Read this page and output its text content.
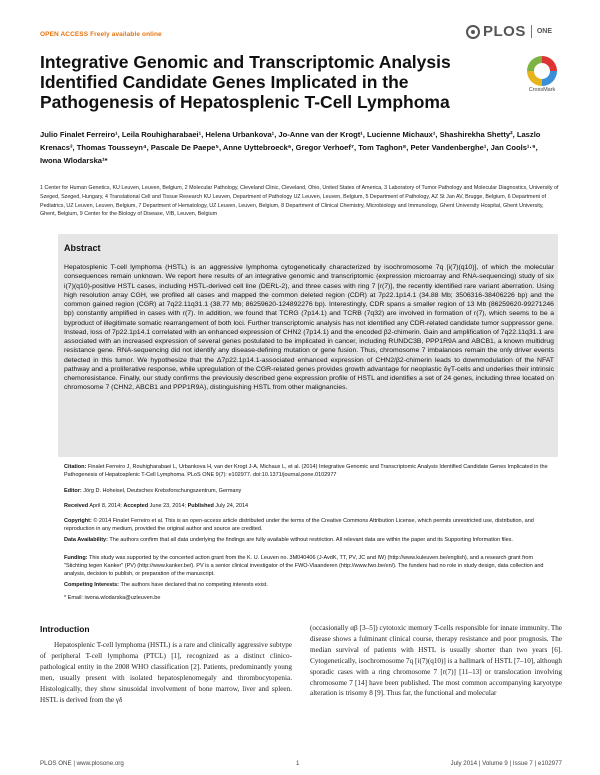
OPEN ACCESS Freely available online	PLOS ONE
CrossMark
Integrative Genomic and Transcriptomic Analysis Identified Candidate Genes Implicated in the Pathogenesis of Hepatosplenic T-Cell Lymphoma
Julio Finalet Ferreiro¹, Leila Rouhigharabaei¹, Helena Urbankova¹, Jo-Anne van der Krogt¹, Lucienne Michaux¹, Shashirekha Shetty², Laszlo Krenacs³, Thomas Tousseyn⁴, Pascale De Paepe⁵, Anne Uyttebroeck⁶, Gregor Verhoef⁷, Tom Taghon⁸, Peter Vandenberghe¹, Jan Cools¹·⁹, Iwona Wlodarska¹*
1 Center for Human Genetics, KU Leuven, Leuven, Belgium, 2 Molecular Pathology, Cleveland Clinic, Cleveland, Ohio, United States of America, 3 Laboratory of Tumor Pathology and Molecular Diagnostics, University of Szeged, Szeged, Hungary, 4 Translational Cell and Tissue Research KU Leuven, Department of Pathology UZ Leuven, Leuven, Belgium, 5 Department of Pathology, AZ St Jan AV, Brugge, Belgium, 6 Department of Pediatrics, UZ Leuven, Leuven, Belgium, 7 Department of Hematology, UZ Leuven, Leuven, Belgium, 8 Department of Clinical Chemistry, Microbiology and Immunology, Ghent University Hospital, Ghent University, Ghent, Belgium, 9 Center for the Biology of Disease, VIB, Leuven, Belgium
Abstract
Hepatosplenic T-cell lymphoma (HSTL) is an aggressive lymphoma cytogenetically characterized by isochromosome 7q [i(7)(q10)], of which the molecular consequences remain unknown. We report here results of an integrative genomic and transcriptomic (expression microarray and RNA-sequencing) study of six i(7)(q10)-positive HSTL cases, including HSTL-derived cell line (DERL-2), and three cases with ring 7 [r(7)], the recently identified rare variant aberration. Using high resolution array CGH, we profiled all cases and mapped the common deleted region (CDR) at 7p22.1p14.1 (34.88 Mb; 3506316-38406226 bp) and the common gained region (CGR) at 7q22.11q31.1 (38.77 Mb; 86259620-124892276 bp). Interestingly, CDR spans a smaller region of 13 Mb (86259620-99271246 bp) constantly amplified in cases with r(7). In addition, we found that TCRG (7p14.1) and TCRB (7q32) are involved in formation of r(7), which seems to be a byproduct of illegitimate somatic rearrangement of both loci. Further transcriptomic analysis has not identified any CDR-related candidate tumor suppressor gene. Instead, loss of 7p22.1p14.1 correlated with an enhanced expression of CHN2 (7p14.1) and the encoded β2-chimerin. Gain and amplification of 7q22.11q31.1 are associated with an increased expression of several genes postulated to be implicated in cancer, including RUNDC3B, PPP1R9A and ABCB1, a known multidrug resistance gene. RNA-sequencing did not identify any disease-defining mutation or gene fusion. Thus, chromosome 7 imbalances remain the only driver events detected in this tumor. We hypothesize that the Δ7p22.1p14.1-associated enhanced expression of CHN2/β2-chimerin leads to downmodulation of the NFAT pathway and a proliferative response, while upregulation of the CGR-related genes provides growth advantage for neoplastic δγT-cells and underlies their intrinsic chemoresistance. Finally, our study confirms the previously described gene expression profile of HSTL and identifies a set of 24 genes, including three located on chromosome 7 (CHN2, ABCB1 and PPP1R9A), distinguishing HSTL from other malignancies.
Citation: Finalet Ferreiro J, Rouhigharabaei L, Urbankova H, van der Krogt J-A, Michaux L, et al. (2014) Integrative Genomic and Transcriptomic Analysis Identified Candidate Genes Implicated in the Pathogenesis of Hepatosplenic T-Cell Lymphoma. PLoS ONE 9(7): e102977. doi:10.1371/journal.pone.0102977
Editor: Jörg D. Hoheisel, Deutsches Krebsforschungszentrum, Germany
Received April 8, 2014; Accepted June 23, 2014; Published July 24, 2014
Copyright: © 2014 Finalet Ferreiro et al. This is an open-access article distributed under the terms of the Creative Commons Attribution License, which permits unrestricted use, distribution, and reproduction in any medium, provided the original author and source are credited.
Data Availability: The authors confirm that all data underlying the findings are fully available without restriction. All relevant data are within the paper and its Supporting Information files.
Funding: This study was supported by the concerted action grant from the K. U. Leuven no. 3M040406 (J-AvdK, TT, PV, JC and IW) (http://www.kuleuven.be/english), and a research grant from "Stichting tegen Kanker" (PV) (http://www.kanker.be/). PV is a senior clinical investigator of the FWO-Vlaanderen (http://www.fwo.be/en/). The funders had no role in study design, data collection and analysis, decision to publish, or preparation of the manuscript.
Competing Interests: The authors have declared that no competing interests exist.
* Email: iwona.wlodarska@uzleuven.be
Introduction
Hepatosplenic T-cell lymphoma (HSTL) is a rare and clinically aggressive subtype of peripheral T-cell lymphoma (PTCL) [1], recognized as a distinct clinico-pathological entity in the 2008 WHO classification [2]. Patients, predominantly young men, usually present with isolated hepatosplenomegaly and thrombocytopenia. Histologically, they show sinusoidal involvement of bone marrow, liver and spleen. HSTL is derived from the γδ
(occasionally αβ [3–5]) cytotoxic memory T-cells responsible for innate immunity. The disease shows a fulminant clinical course, therapy resistance and poor prognosis. The median survival of patients with HSTL is usually shorter than two years [6]. Cytogenetically, isochromosome 7q [i(7)(q10)] is a hallmark of HSTL [7–10], although sporadic cases with a ring chromosome 7 [r(7)] [11–13] or translocation involving chromosome 7 [14] have been published. The most common accompanying karyotype alteration is trisomy 8 [9]. Thus far, the functional and molecular
PLOS ONE | www.plosone.org	1	July 2014 | Volume 9 | Issue 7 | e102977
